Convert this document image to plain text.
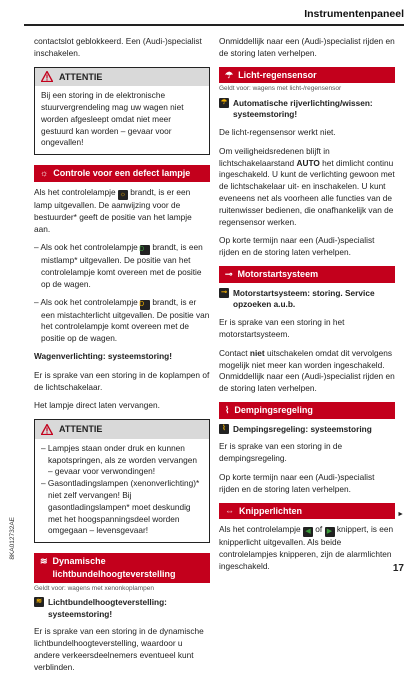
Instrumentenpaneel

contactslot geblokkeerd. Een (Audi-)specialist inschakelen.

ATTENTIE
Bij een storing in de elektronische stuurvergrendeling mag uw wagen niet worden afgesleept omdat niet meer gestuurd kan worden – gevaar voor ongevallen!
☼ Controle voor een defect lampje

Als het controlelampje ☼ brandt, is er een lamp uitgevallen. De aanwijzing voor de bestuurder* geeft de positie van het lampje aan.

– Als ook het controlelampje D brandt, is een mistlamp* uitgevallen. De positie van het controlelampje komt overeen met de positie op de wagen.

– Als ook het controlelampje D brandt, is er een mistachterlicht uitgevallen. De positie van het controlelampje komt overeen met de positie op de wagen.

Wagenverlichting: systeemstoring!

Er is sprake van een storing in de koplampen of de lichtschakelaar.

Het lampje direct laten vervangen.

ATTENTIE
– Lampjes staan onder druk en kunnen kapotspringen, als ze worden vervangen – gevaar voor verwondingen!
– Gasontladingslampen (xenonverlichting)* niet zelf vervangen! Bij gasontladingslampen* moet deskundig met het hoogspanningsdeel worden omgegaan – levensgevaar!
≋ Dynamische lichtbundelhoogteverstelling
Geldt voor: wagens met xenonkoplampen
≋ Lichtbundelhoogteverstelling: systeemstoring!

Er is sprake van een storing in de dynamische lichtbundelhoogteverstelling, waardoor u andere verkeersdeelnemers eventueel kunt verblinden.

Onmiddellijk naar een (Audi-)specialist rijden en de storing laten verhelpen.

☂ Licht-regensensor
Geldt voor: wagens met licht-/regensensor
☂ Automatische rijverlichting/wissen: systeemstoring!

De licht-regensensor werkt niet.

Om veiligheidsredenen blijft in lichtschakelaarstand AUTO het dimlicht continu ingeschakeld. U kunt de verlichting gewoon met de lichtschakelaar uit- en inschakelen. U kunt eveneens net als voorheen alle functies van de ruitenwisser bedienen, die onafhankelijk van de regensensor werken.

Op korte termijn naar een (Audi-)specialist rijden en de storing laten verhelpen.

⊸ Motorstartsysteem
⊸ Motorstartsysteem: storing. Service opzoeken a.u.b.

Er is sprake van een storing in het motorstartsysteem.

Contact niet uitschakelen omdat dit vervolgens mogelijk niet meer kan worden ingeschakeld. Onmiddellijk naar een (Audi-)specialist rijden en de storing laten verhelpen.

⌇ Dempingsregeling
⌇ Dempingsregeling: systeemstoring

Er is sprake van een storing in de dempingsregeling.

Op korte termijn naar een (Audi-)specialist rijden en de storing laten verhelpen.

⇔ Knipperlichten

Als het controlelampje ◀ of ▶ knippert, is een knipperlicht uitgevallen. Als beide controlelampjes knipperen, zijn de alarmlichten ingeschakeld.

8KA012732AE
►
17
